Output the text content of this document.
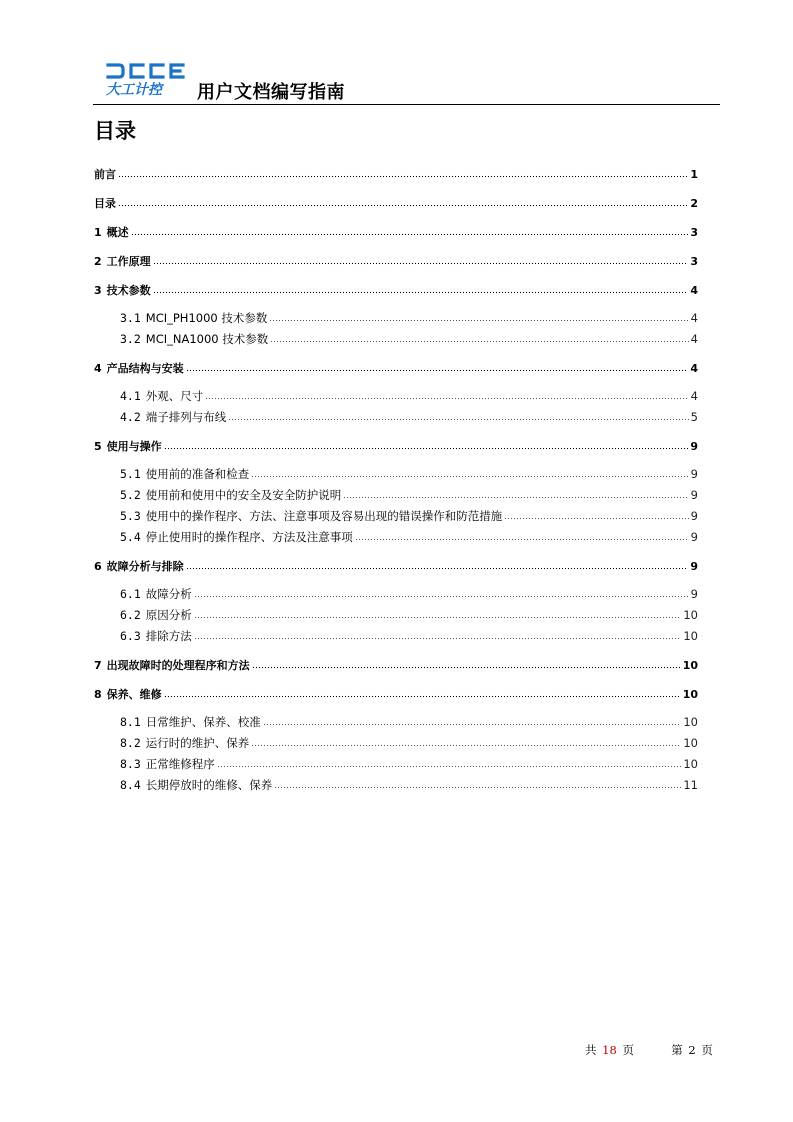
大工计控 用户文档编写指南
目录
前言	1
目录	2
1 概述	3
2 工作原理	3
3 技术参数	4
3.1 MCI_PH1000 技术参数	4
3.2 MCI_NA1000 技术参数	4
4 产品结构与安装	4
4.1 外观、尺寸	4
4.2 端子排列与布线	5
5 使用与操作	9
5.1 使用前的准备和检查	9
5.2 使用前和使用中的安全及安全防护说明	9
5.3 使用中的操作程序、方法、注意事项及容易出现的错误操作和防范措施	9
5.4 停止使用时的操作程序、方法及注意事项	9
6 故障分析与排除	9
6.1 故障分析	9
6.2 原因分析	10
6.3 排除方法	10
7 出现故障时的处理程序和方法	10
8 保养、维修	10
8.1 日常维护、保养、校准	10
8.2 运行时的维护、保养	10
8.3 正常维修程序	10
8.4 长期停放时的维修、保养	11
共 18 页	第 2 页
